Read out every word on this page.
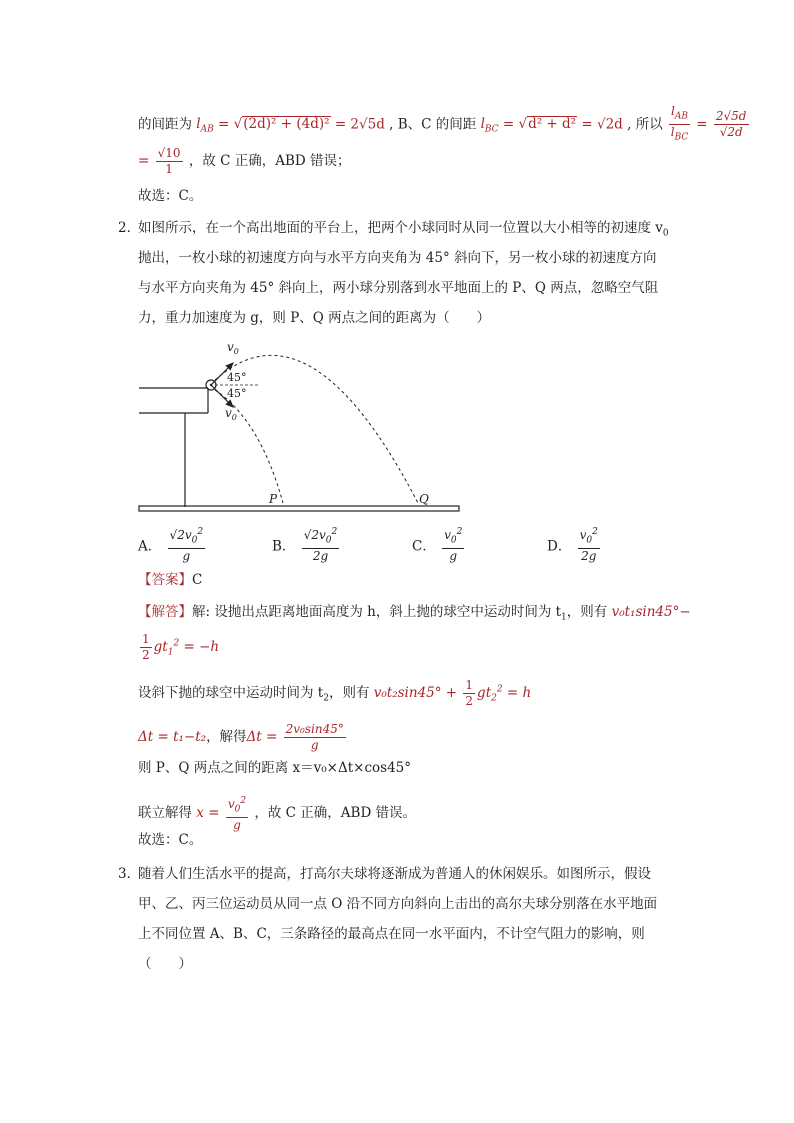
的间距为 $l_{AB} = √(2d)^2 + (4d)^2 = 2√5d$ , B、C 的间距 $l_{BC} = √d^2 + d^2 = √2d$ , 所以 $\frac{l_{AB}}{l_{BC}} = \frac{2√5d}{√2d}$
= $\frac{√10}{1}$ ，故 C 正确，ABD 错误；
故选：C。
2．
如图所示，在一个高出地面的平台上，把两个小球同时从同一位置以大小相等的初速度 $v_0$
抛出，一枚小球的初速度方向与水平方向夹角为 45° 斜向下，另一枚小球的初速度方向
与水平方向夹角为 45° 斜向上，两小球分别落到水平地面上的 P、Q 两点，忽略空气阻
力，重力加速度为 g，则 P、Q 两点之间的距离为（　　）
$v_0$
$v_0$
45°
45°
P	Q
A． $\frac{√2v_0^2}{g}$	B． $\frac{√2v_0^2}{2g}$	C． $\frac{v_0^2}{g}$	D． $\frac{v_0^2}{2g}$
【答案】C
【解答】解: 设抛出点距离地面高度为 h，斜上抛的球空中运动时间为 $t_1$，则有 v₀t₁sin45°−
$\frac{1}{2} gt_1^2 = -h$
设斜下抛的球空中运动时间为 $t_2$，则有 $v_0t_2\sin 45^\circ + \frac{1}{2} gt_2^2 = h$
Δt = t₁−t₂，解得$\Delta t = \frac{\text{2v₀sin45°}}{g}$
则 P、Q 两点之间的距离 x＝v₀×Δt×cos45°
联立解得 $x = \frac{v_0^2}{g}$ ，故 C 正确，ABD 错误。
故选：C。
3．
随着人们生活水平的提高，打高尔夫球将逐渐成为普通人的休闲娱乐。如图所示，假设
甲、乙、丙三位运动员从同一点 O 沿不同方向斜向上击出的高尔夫球分别落在水平地面
上不同位置 A、B、C，三条路径的最高点在同一水平面内，不计空气阻力的影响，则
（　　）
